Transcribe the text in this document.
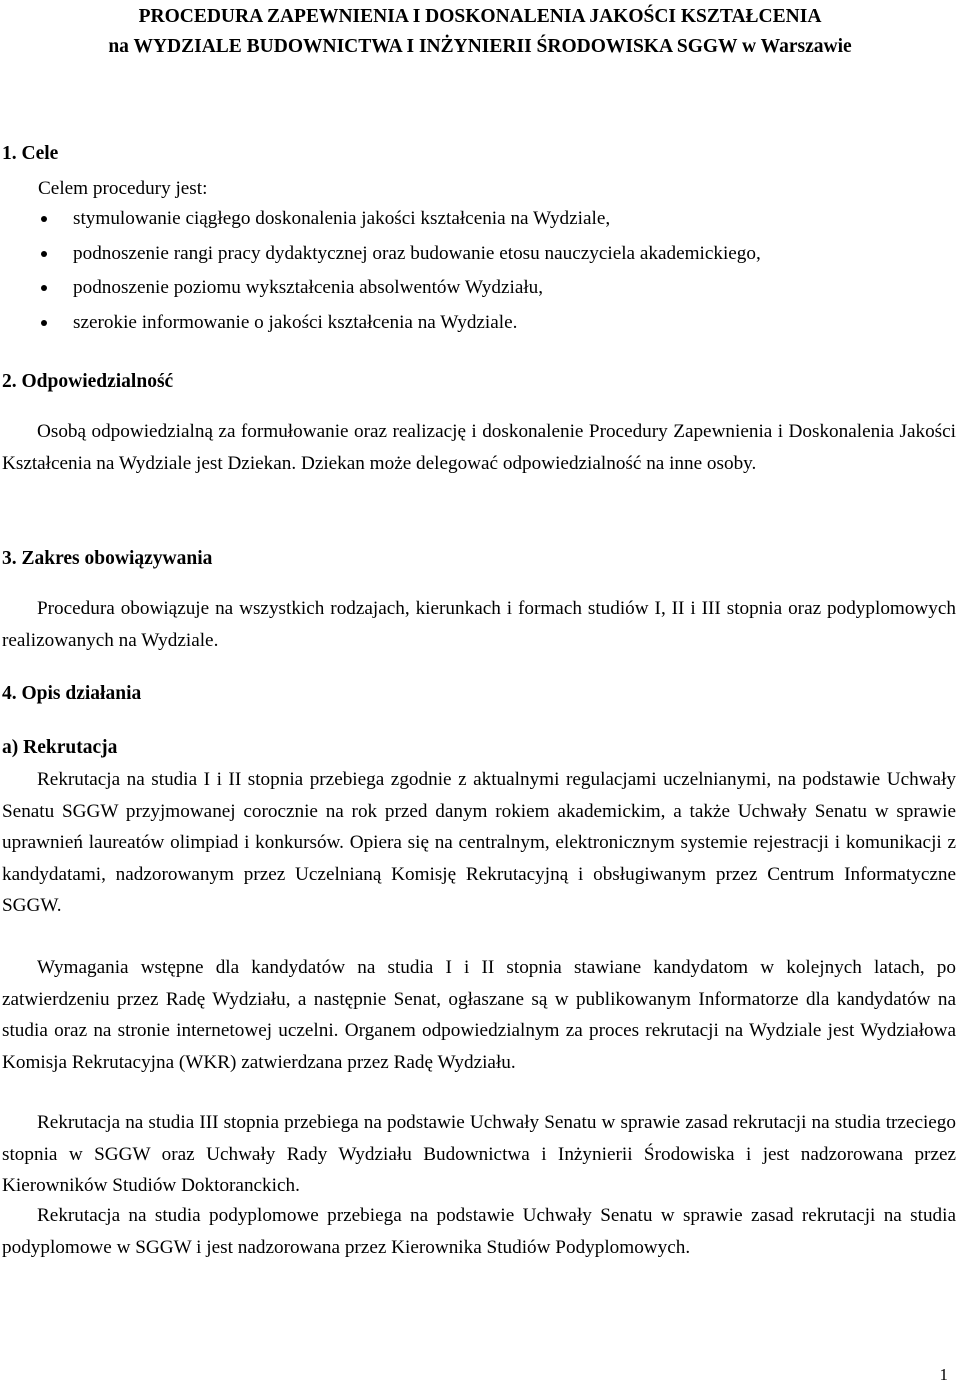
PROCEDURA ZAPEWNIENIA I DOSKONALENIA JAKOŚCI KSZTAŁCENIA
na WYDZIALE BUDOWNICTWA I INŻYNIERII ŚRODOWISKA SGGW w Warszawie
1. Cele
Celem procedury jest:
stymulowanie ciągłego doskonalenia jakości kształcenia na Wydziale,
podnoszenie rangi pracy dydaktycznej oraz budowanie etosu nauczyciela akademickiego,
podnoszenie poziomu wykształcenia absolwentów Wydziału,
szerokie informowanie o jakości kształcenia na Wydziale.
2. Odpowiedzialność
Osobą odpowiedzialną za formułowanie oraz realizację i doskonalenie Procedury Zapewnienia i Doskonalenia Jakości Kształcenia na Wydziale jest Dziekan. Dziekan może delegować odpowiedzialność na inne osoby.
3. Zakres obowiązywania
Procedura obowiązuje na wszystkich rodzajach, kierunkach i formach studiów I, II i III stopnia oraz podyplomowych realizowanych na Wydziale.
4. Opis działania
a) Rekrutacja
Rekrutacja na studia I i II stopnia przebiega zgodnie z aktualnymi regulacjami uczelnianymi, na podstawie Uchwały Senatu SGGW przyjmowanej corocznie na rok przed danym rokiem akademickim, a także Uchwały Senatu w sprawie uprawnień laureatów olimpiad i konkursów. Opiera się na centralnym, elektronicznym systemie rejestracji i komunikacji z kandydatami, nadzorowanym przez Uczelnianą Komisję Rekrutacyjną i obsługiwanym przez Centrum Informatyczne SGGW.
Wymagania wstępne dla kandydatów na studia I i II stopnia stawiane kandydatom w kolejnych latach, po zatwierdzeniu przez Radę Wydziału, a następnie Senat, ogłaszane są w publikowanym Informatorze dla kandydatów na studia oraz na stronie internetowej uczelni. Organem odpowiedzialnym za proces rekrutacji na Wydziale jest Wydziałowa Komisja Rekrutacyjna (WKR) zatwierdzana przez Radę Wydziału.
Rekrutacja na studia III stopnia przebiega na podstawie Uchwały Senatu w sprawie zasad rekrutacji na studia trzeciego stopnia w SGGW oraz Uchwały Rady Wydziału Budownictwa i Inżynierii Środowiska i jest nadzorowana przez Kierowników Studiów Doktoranckich.
Rekrutacja na studia podyplomowe przebiega na podstawie Uchwały Senatu w sprawie zasad rekrutacji na studia podyplomowe w SGGW i jest nadzorowana przez Kierownika Studiów Podyplomowych.
1
